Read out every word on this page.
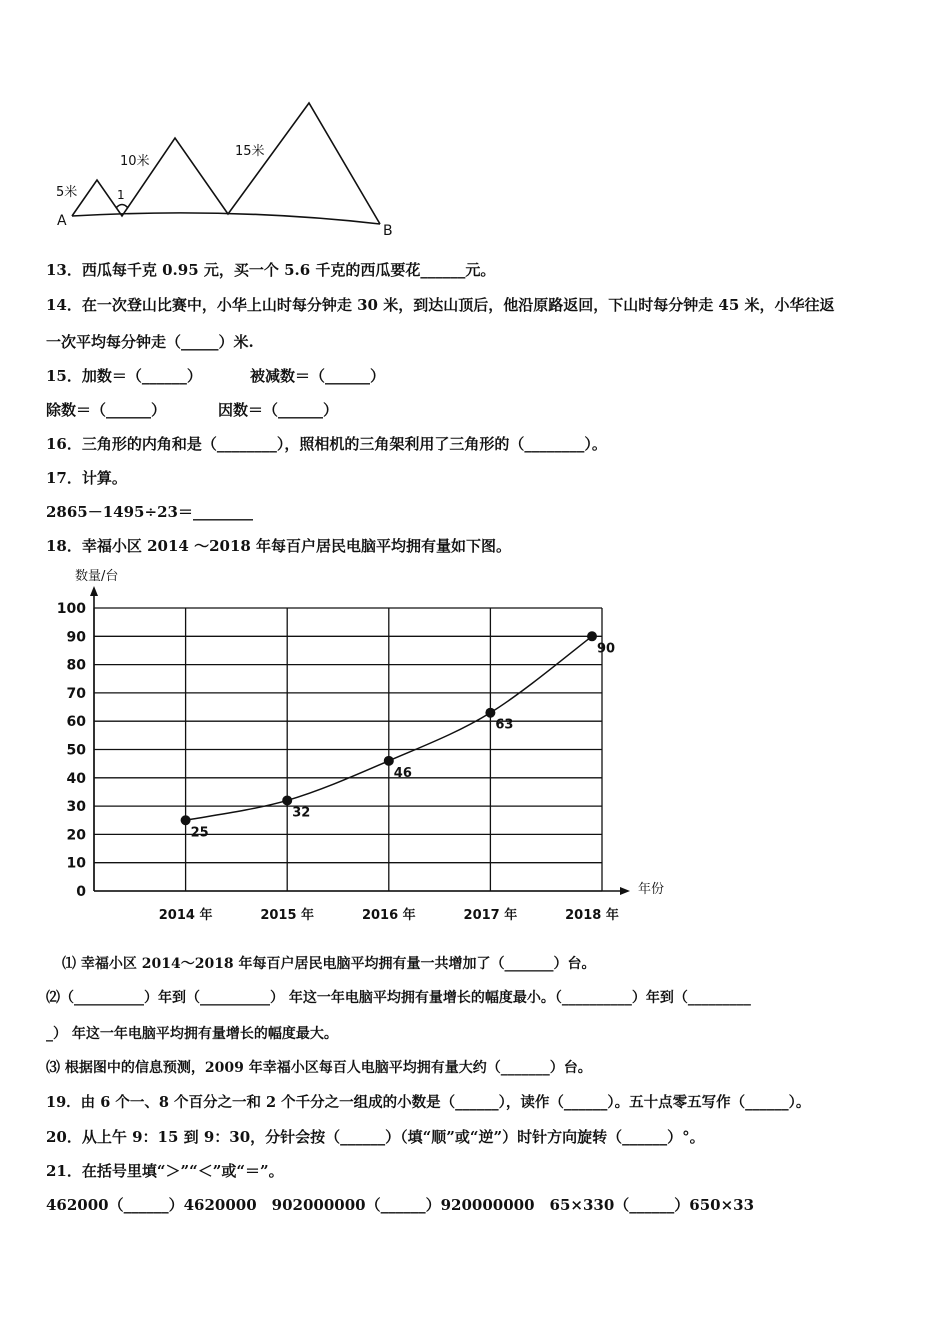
A
B
1
5米
10米
15米
13．西瓜每千克 0.95 元，买一个 5.6 千克的西瓜要花______元。
14．在一次登山比赛中，小华上山时每分钟走 30 米，到达山顶后，他沿原路返回，下山时每分钟走 45 米，小华往返
一次平均每分钟走（_____）米.
15．加数＝（______）	被减数＝（______）
除数＝（______）	因数＝（______）
16．三角形的内角和是（________），照相机的三角架利用了三角形的（________）。
17．计算。
2865－1495÷23＝________
18．幸福小区 2014 ～2018 年每百户居民电脑平均拥有量如下图。
0
10
20
30
40
50
60
70
80
90
100
数量/台
年份
2014 年	2015 年	2016 年	2017 年	2018 年
25
32
46
63
90
⑴ 幸福小区 2014～2018 年每百户居民电脑平均拥有量一共增加了（_______）台。
⑵（__________）年到（__________） 年这一年电脑平均拥有量增长的幅度最小。（__________）年到（_________
_） 年这一年电脑平均拥有量增长的幅度最大。
⑶ 根据图中的信息预测，2009 年幸福小区每百人电脑平均拥有量大约（_______）台。
19．由 6 个一、8 个百分之一和 2 个千分之一组成的小数是（______），读作（______）。五十点零五写作（______）。
20．从上午 9：15 到 9：30，分针会按（______）（填“顺”或“逆”）时针方向旋转（______）°。
21．在括号里填“＞”“＜”或“＝”。
462000（______）4620000　902000000（______）920000000　65×330（______）650×33
